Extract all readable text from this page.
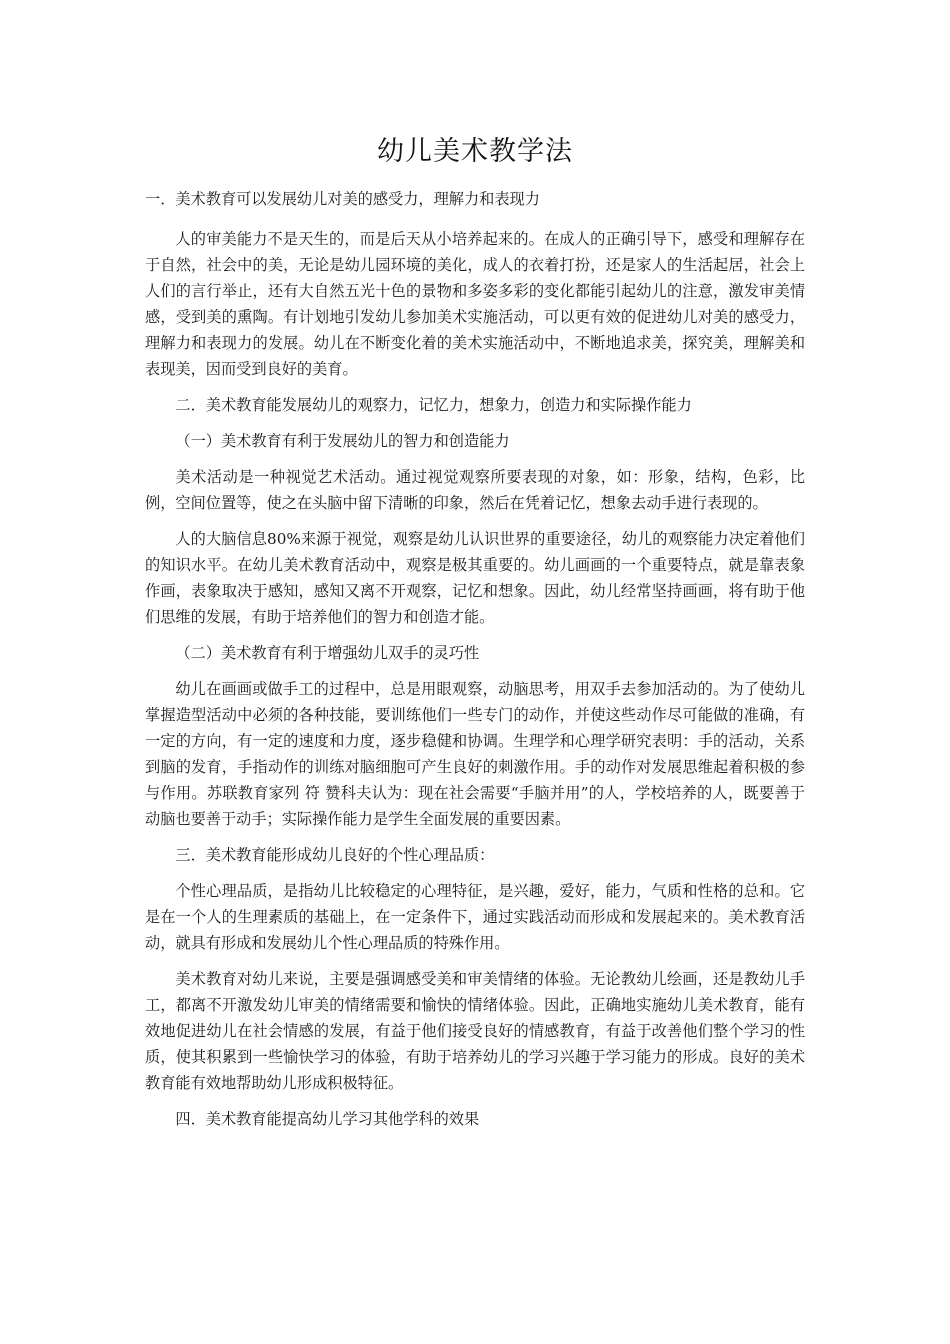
幼儿美术教学法

一．美术教育可以发展幼儿对美的感受力，理解力和表现力

人的审美能力不是天生的，而是后天从小培养起来的。在成人的正确引导下，感受和理解存在于自然，社会中的美，无论是幼儿园环境的美化，成人的衣着打扮，还是家人的生活起居，社会上人们的言行举止，还有大自然五光十色的景物和多姿多彩的变化都能引起幼儿的注意，激发审美情感，受到美的熏陶。有计划地引发幼儿参加美术实施活动，可以更有效的促进幼儿对美的感受力，理解力和表现力的发展。幼儿在不断变化着的美术实施活动中，不断地追求美，探究美，理解美和表现美，因而受到良好的美育。

二．美术教育能发展幼儿的观察力，记忆力，想象力，创造力和实际操作能力

（一）美术教育有利于发展幼儿的智力和创造能力

美术活动是一种视觉艺术活动。通过视觉观察所要表现的对象，如：形象，结构，色彩，比例，空间位置等，使之在头脑中留下清晰的印象，然后在凭着记忆，想象去动手进行表现的。

人的大脑信息80%来源于视觉，观察是幼儿认识世界的重要途径，幼儿的观察能力决定着他们的知识水平。在幼儿美术教育活动中，观察是极其重要的。幼儿画画的一个重要特点，就是靠表象作画，表象取决于感知，感知又离不开观察，记忆和想象。因此，幼儿经常坚持画画，将有助于他们思维的发展，有助于培养他们的智力和创造才能。

（二）美术教育有利于增强幼儿双手的灵巧性

幼儿在画画或做手工的过程中，总是用眼观察，动脑思考，用双手去参加活动的。为了使幼儿掌握造型活动中必须的各种技能，要训练他们一些专门的动作，并使这些动作尽可能做的准确，有一定的方向，有一定的速度和力度，逐步稳健和协调。生理学和心理学研究表明：手的活动，关系到脑的发育，手指动作的训练对脑细胞可产生良好的刺激作用。手的动作对发展思维起着积极的参与作用。苏联教育家列 符 赞科夫认为：现在社会需要“手脑并用”的人，学校培养的人，既要善于动脑也要善于动手；实际操作能力是学生全面发展的重要因素。

三．美术教育能形成幼儿良好的个性心理品质：

个性心理品质，是指幼儿比较稳定的心理特征，是兴趣，爱好，能力，气质和性格的总和。它是在一个人的生理素质的基础上，在一定条件下，通过实践活动而形成和发展起来的。美术教育活动，就具有形成和发展幼儿个性心理品质的特殊作用。

美术教育对幼儿来说，主要是强调感受美和审美情绪的体验。无论教幼儿绘画，还是教幼儿手工，都离不开激发幼儿审美的情绪需要和愉快的情绪体验。因此，正确地实施幼儿美术教育，能有效地促进幼儿在社会情感的发展，有益于他们接受良好的情感教育，有益于改善他们整个学习的性质，使其积累到一些愉快学习的体验，有助于培养幼儿的学习兴趣于学习能力的形成。良好的美术教育能有效地帮助幼儿形成积极特征。

四．美术教育能提高幼儿学习其他学科的效果
